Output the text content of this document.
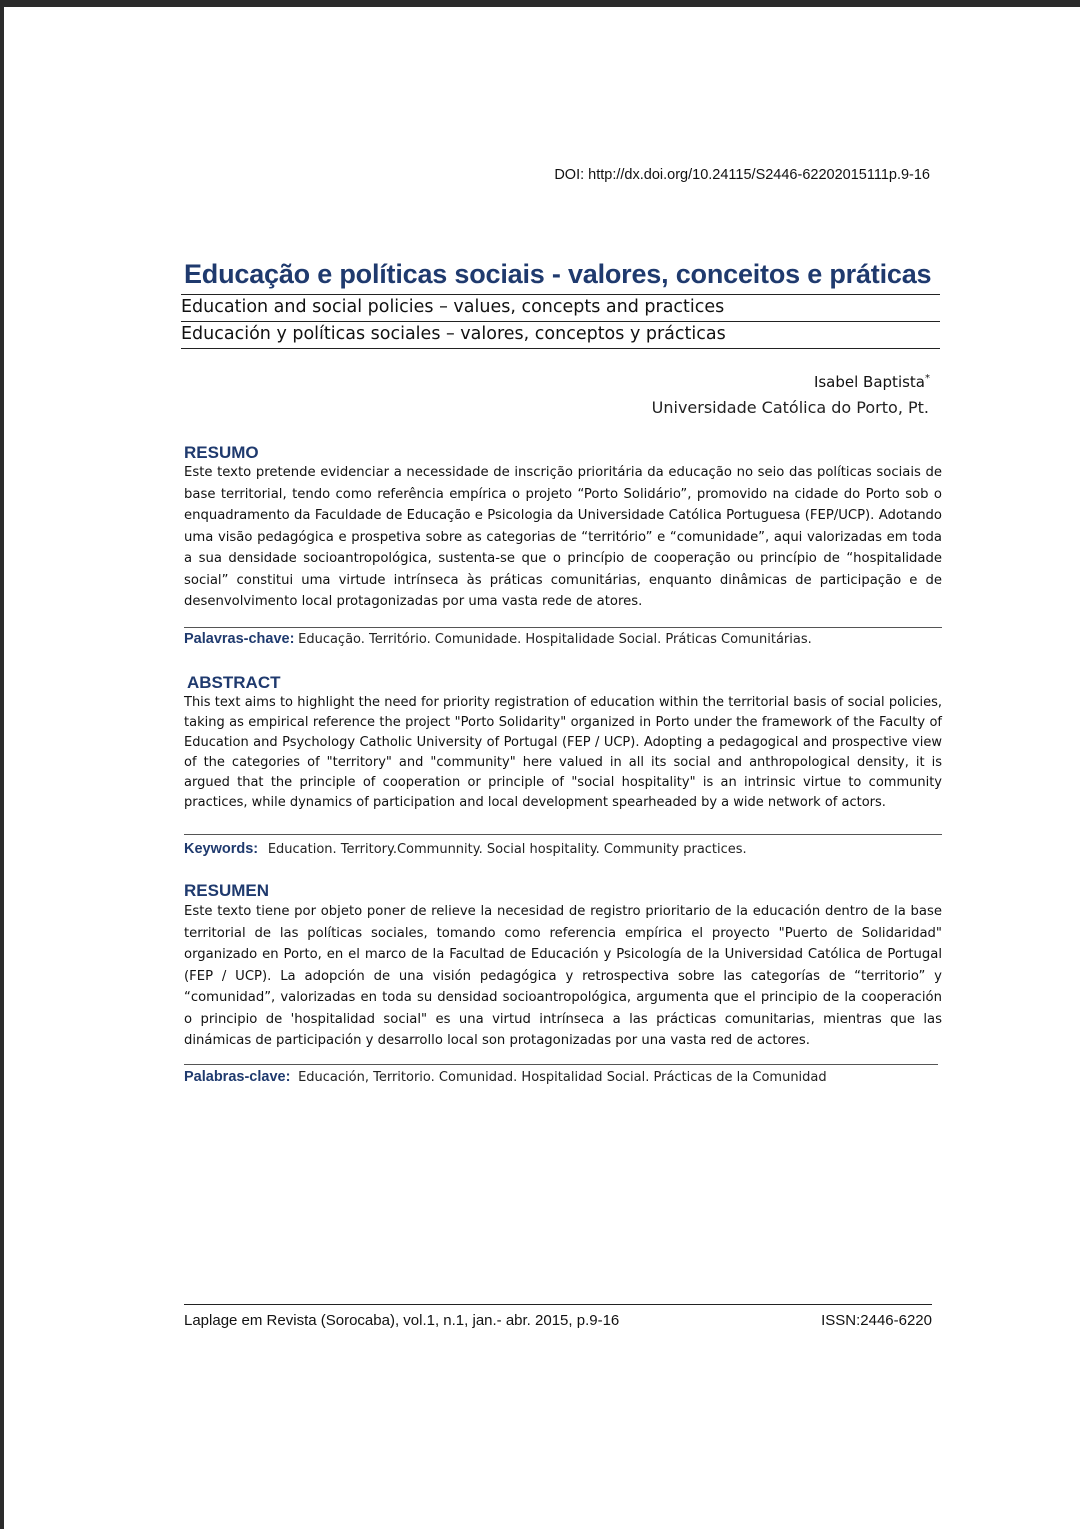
DOI: http://dx.doi.org/10.24115/S2446-62202015111p.9-16
Educação e políticas sociais - valores, conceitos e práticas
Education and social policies – values, concepts and practices
Educación y políticas sociales – valores, conceptos y prácticas
Isabel Baptista*
Universidade Católica do Porto, Pt.
RESUMO
Este texto pretende evidenciar a necessidade de inscrição prioritária da educação no seio das políticas sociais de base territorial, tendo como referência empírica o projeto “Porto Solidário”, promovido na cidade do Porto sob o enquadramento da Faculdade de Educação e Psicologia da Universidade Católica Portuguesa (FEP/UCP). Adotando uma visão pedagógica e prospetiva sobre as categorias de “território” e “comunidade”, aqui valorizadas em toda a sua densidade socioantropológica, sustenta-se que o princípio de cooperação ou princípio de “hospitalidade social” constitui uma virtude intrínseca às práticas comunitárias, enquanto dinâmicas de participação e de desenvolvimento local protagonizadas por uma vasta rede de atores.
Palavras-chave: Educação. Território. Comunidade. Hospitalidade Social. Práticas Comunitárias.
ABSTRACT
This text aims to highlight the need for priority registration of education within the territorial basis of social policies, taking as empirical reference the project "Porto Solidarity" organized in Porto under the framework of the Faculty of Education and Psychology Catholic University of Portugal (FEP / UCP). Adopting a pedagogical and prospective view of the categories of "territory" and "community" here valued in all its social and anthropological density, it is argued that the principle of cooperation or principle of "social hospitality" is an intrinsic virtue to community practices, while dynamics of participation and local development spearheaded by a wide network of actors.
Keywords: Education. Territory.Communnity. Social hospitality. Community practices.
RESUMEN
Este texto tiene por objeto poner de relieve la necesidad de registro prioritario de la educación dentro de la base territorial de las políticas sociales, tomando como referencia empírica el proyecto "Puerto de Solidaridad" organizado en Porto, en el marco de la Facultad de Educación y Psicología de la Universidad Católica de Portugal (FEP / UCP). La adopción de una visión pedagógica y retrospectiva sobre las categorías de “territorio” y “comunidad”, valorizadas en toda su densidad socioantropológica, argumenta que el principio de la cooperación o principio de 'hospitalidad social" es una virtud intrínseca a las prácticas comunitarias, mientras que las dinámicas de participación y desarrollo local son protagonizadas por una vasta red de actores.
Palabras-clave: Educación, Territorio. Comunidad. Hospitalidad Social. Prácticas de la Comunidad
Laplage em Revista (Sorocaba), vol.1, n.1, jan.- abr. 2015, p.9-16	ISSN:2446-6220
